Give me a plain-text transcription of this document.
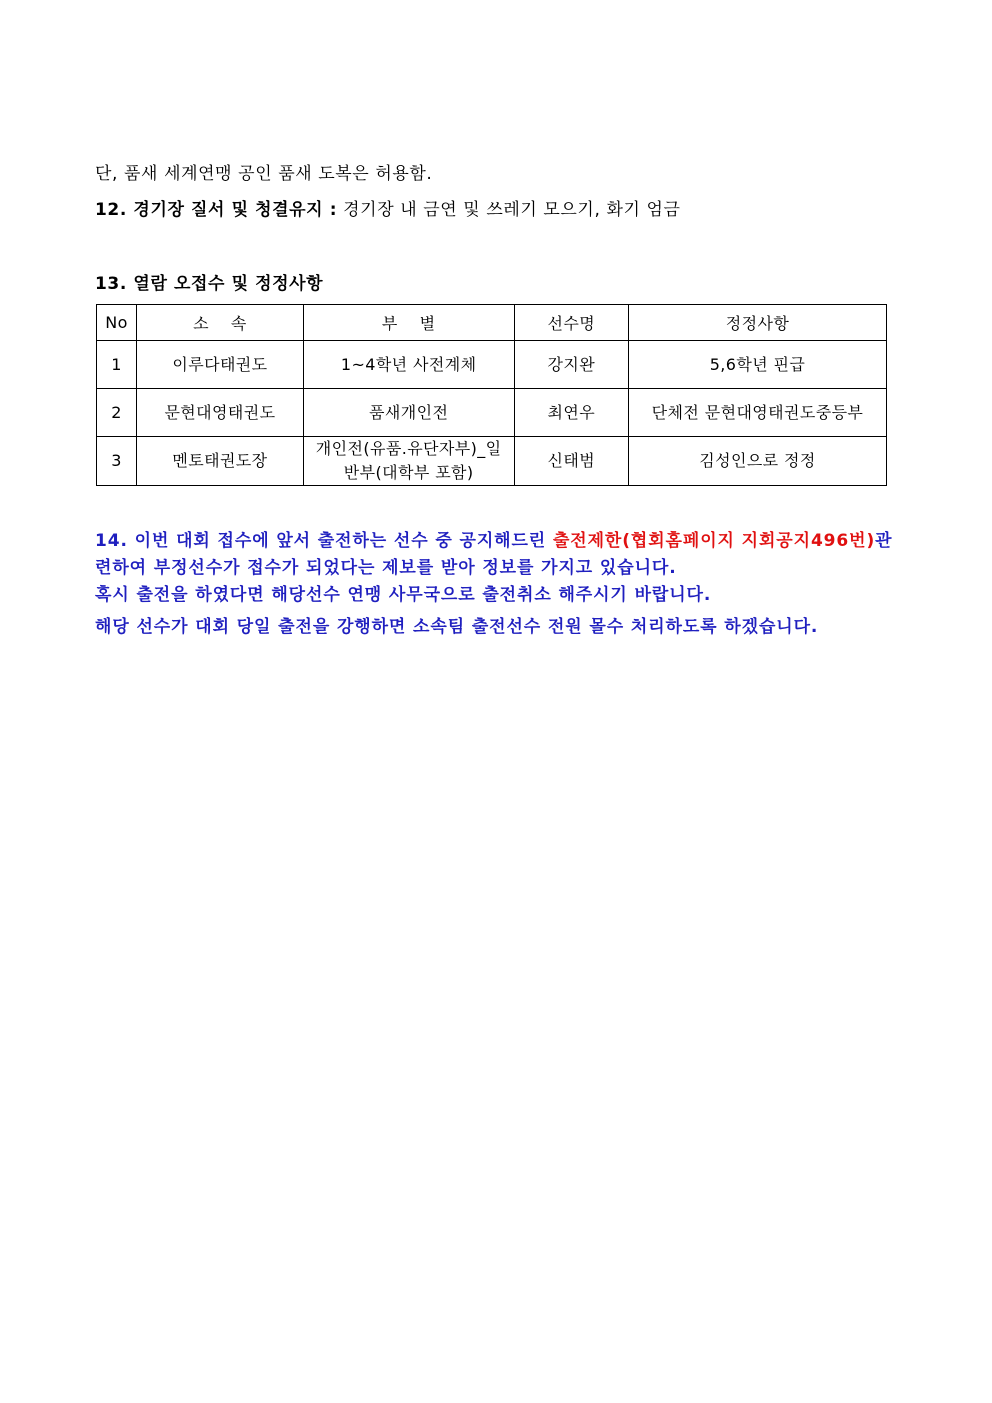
단, 품새 세계연맹 공인 품새 도복은 허용함.
12. 경기장 질서 및 청결유지 : 경기장 내 금연 및 쓰레기 모으기, 화기 엄금
13. 열람 오접수 및 정정사항
No	소    속	부    별	선수명	정정사항
1	이루다태권도	1~4학년 사전계체	강지완	5,6학년 핀급
2	문현대영태권도	품새개인전	최연우	단체전 문현대영태권도중등부
3	멘토태권도장	개인전(유품.유단자부)_일반부(대학부 포함)	신태범	김성인으로 정정
14. 이번 대회 접수에 앞서 출전하는 선수 중 공지해드린 출전제한(협회홈페이지 지회공지496번)관련하여 부정선수가 접수가 되었다는 제보를 받아 정보를 가지고 있습니다.
혹시 출전을 하였다면 해당선수 연맹 사무국으로 출전취소 해주시기 바랍니다.
해당 선수가 대회 당일 출전을 강행하면 소속팀 출전선수 전원 몰수 처리하도록 하겠습니다.
